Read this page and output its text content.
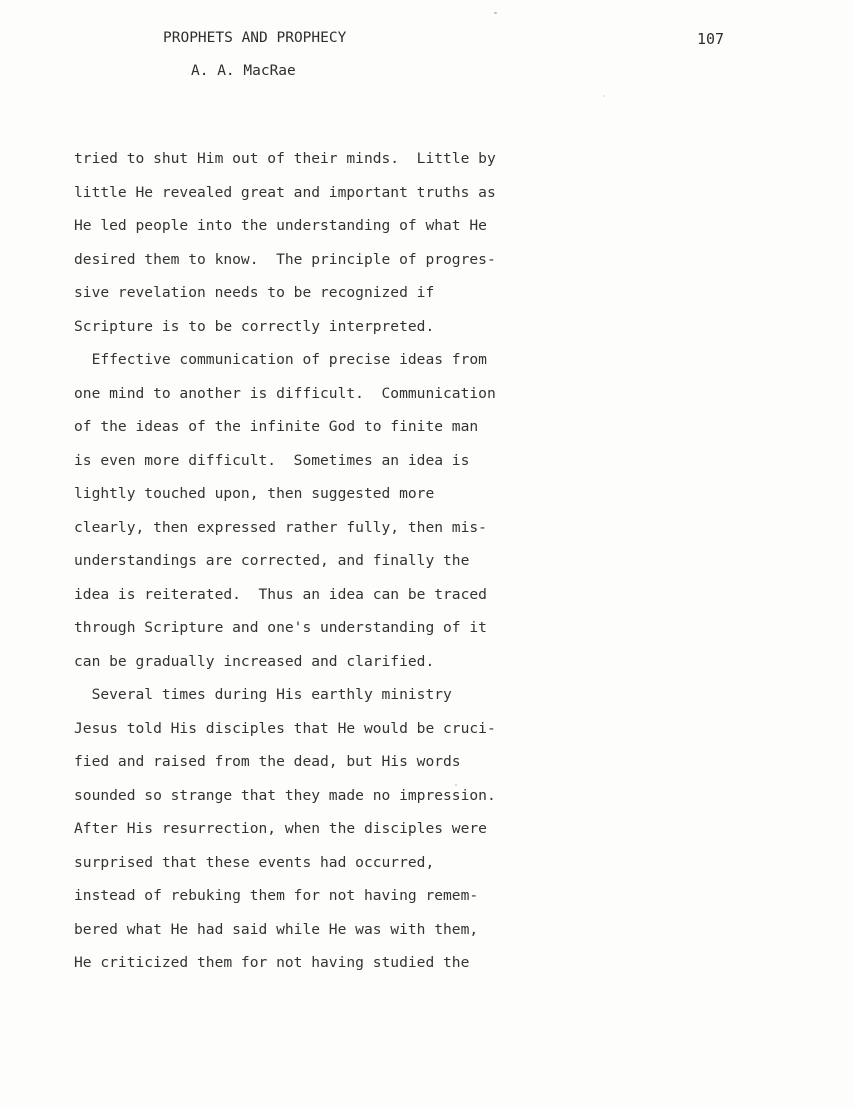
PROPHETS AND PROPHECY
A. A. MacRae
107
tried to shut Him out of their minds.  Little by
little He revealed great and important truths as
He led people into the understanding of what He
desired them to know.  The principle of progres-
sive revelation needs to be recognized if
Scripture is to be correctly interpreted.
Effective communication of precise ideas from
one mind to another is difficult.  Communication
of the ideas of the infinite God to finite man
is even more difficult.  Sometimes an idea is
lightly touched upon, then suggested more
clearly, then expressed rather fully, then mis-
understandings are corrected, and finally the
idea is reiterated.  Thus an idea can be traced
through Scripture and one's understanding of it
can be gradually increased and clarified.
Several times during His earthly ministry
Jesus told His disciples that He would be cruci-
fied and raised from the dead, but His words
sounded so strange that they made no impression.
After His resurrection, when the disciples were
surprised that these events had occurred,
instead of rebuking them for not having remem-
bered what He had said while He was with them,
He criticized them for not having studied the
